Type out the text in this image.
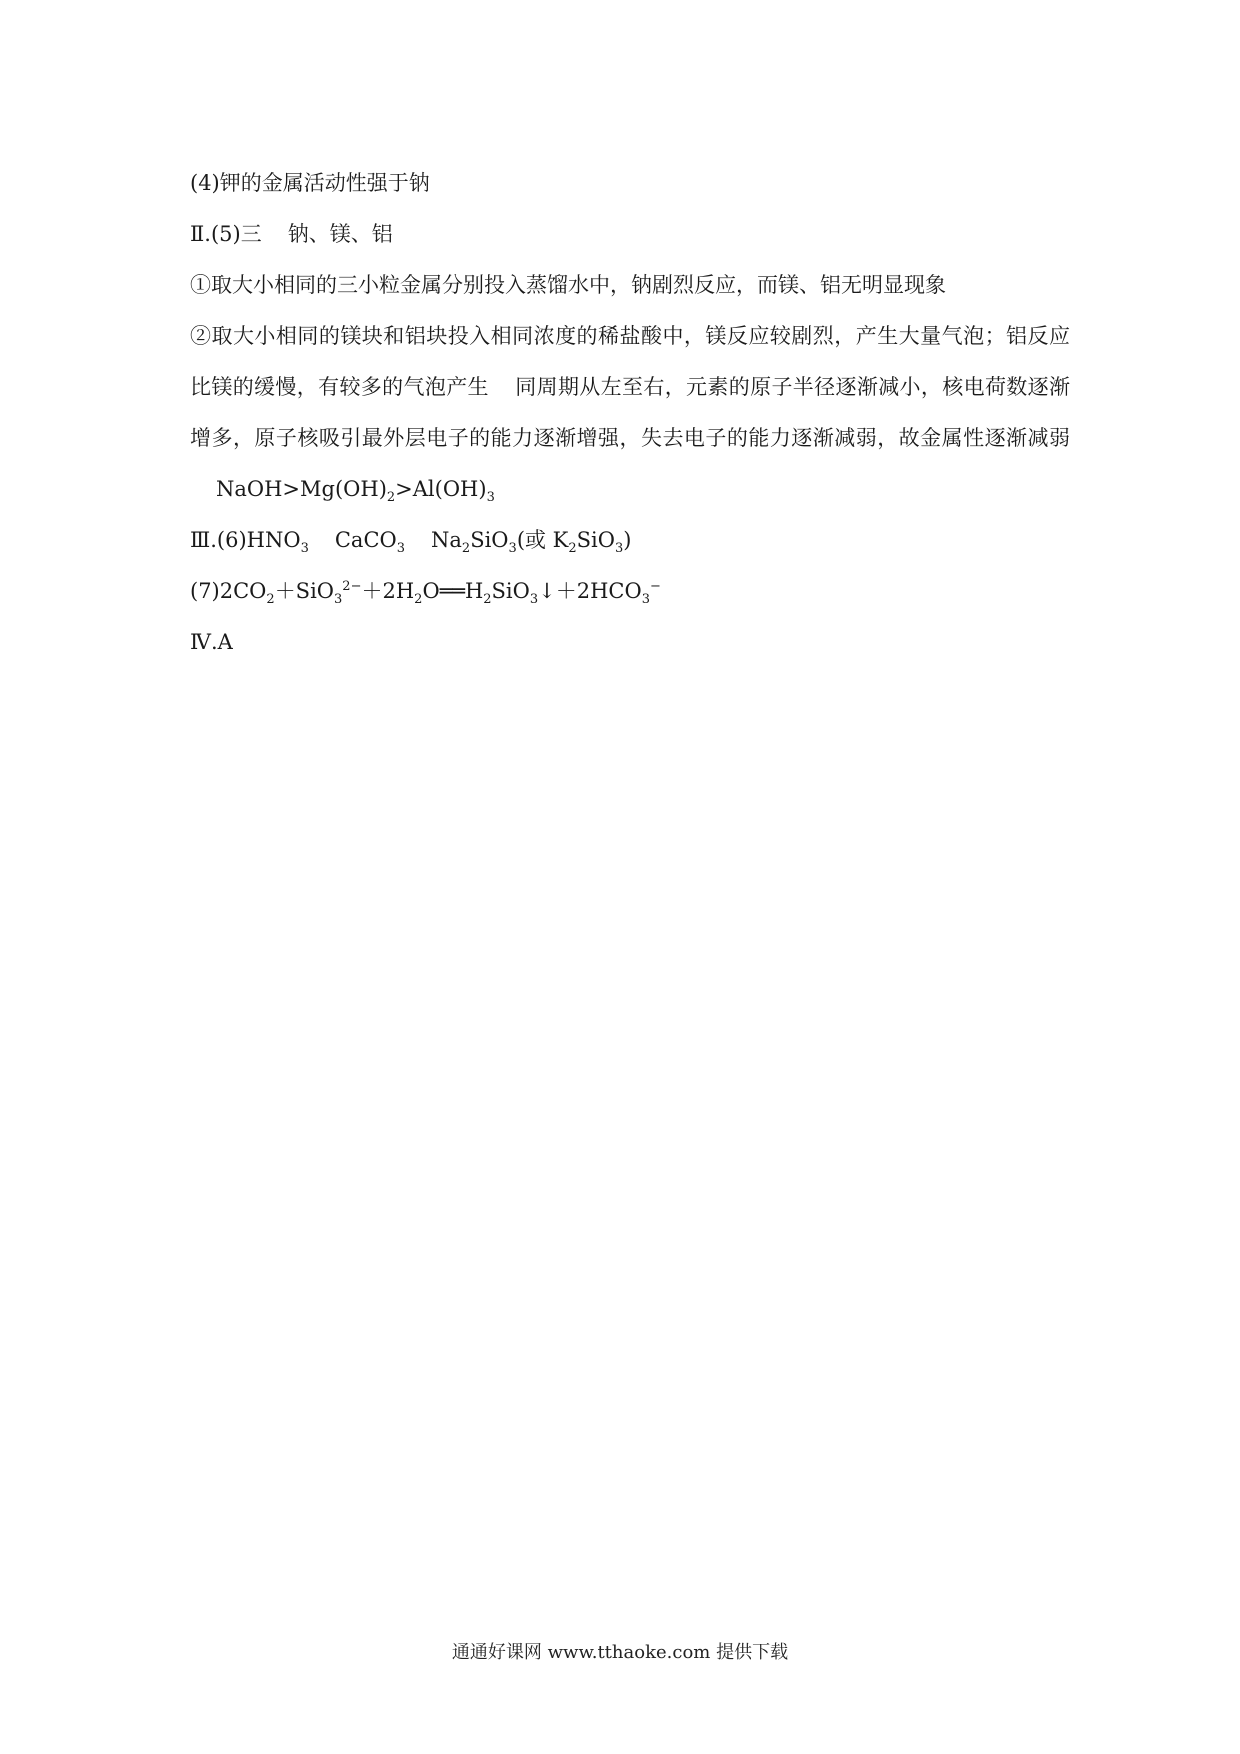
(4)钾的金属活动性强于钠
Ⅱ.(5)三 钠、镁、铝
①取大小相同的三小粒金属分别投入蒸馏水中，钠剧烈反应，而镁、铝无明显现象
②取大小相同的镁块和铝块投入相同浓度的稀盐酸中，镁反应较剧烈，产生大量气泡；铝反应比镁的缓慢，有较多的气泡产生 同周期从左至右，元素的原子半径逐渐减小，核电荷数逐渐增多，原子核吸引最外层电子的能力逐渐增强，失去电子的能力逐渐减弱，故金属性逐渐减弱$NaOH>Mg(OH)_2>Al(OH)_3$
$Ⅲ.(6)HNO_3$ CaCO$_3$ $Na_2SiO_3$(或 $K_2SiO_3$)
$(7)2CO_2+SiO_3^{2-}+2H_2O══H_2SiO_3↓+2HCO_3^-$
Ⅳ.A
通通好课网 www.tthaoke.com 提供下载
